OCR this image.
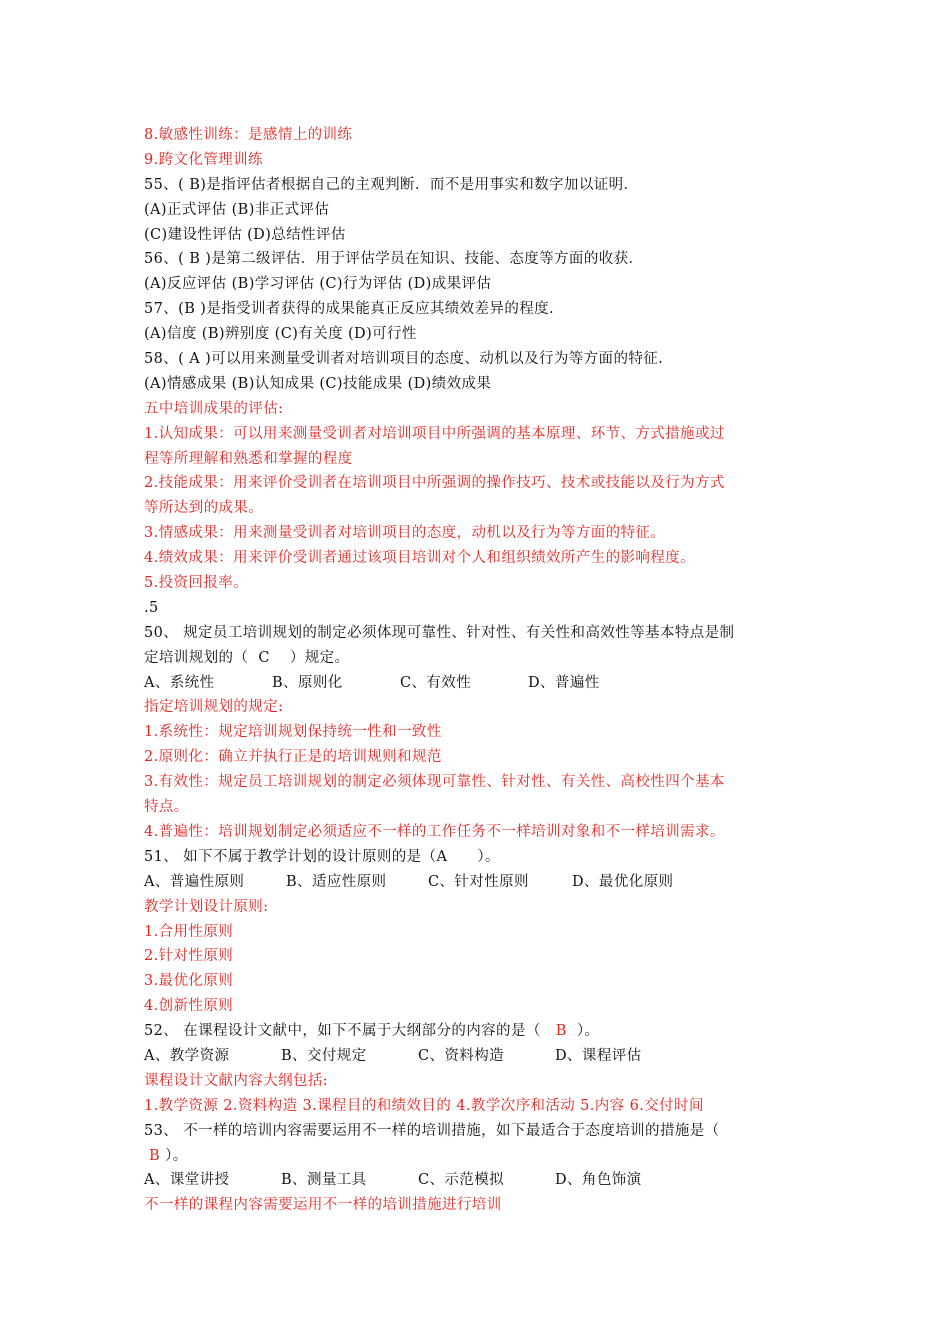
8.敏感性训练：是感情上的训练
9.跨文化管理训练
55、( B)是指评估者根据自己的主观判断．而不是用事实和数字加以证明．
(A)正式评估 (B)非正式评估
(C)建设性评估 (D)总结性评估
56、( B )是第二级评估．用于评估学员在知识、技能、态度等方面的收获．
(A)反应评估 (B)学习评估 (C)行为评估 (D)成果评估
57、(B )是指受训者获得的成果能真正反应其绩效差异的程度.
(A)信度 (B)辨别度 (C)有关度 (D)可行性
58、( A )可以用来测量受训者对培训项目的态度、动机以及行为等方面的特征.
(A)情感成果 (B)认知成果 (C)技能成果 (D)绩效成果
五中培训成果的评估:
1.认知成果：可以用来测量受训者对培训项目中所强调的基本原理、环节、方式措施或过
程等所理解和熟悉和掌握的程度
2.技能成果：用来评价受训者在培训项目中所强调的操作技巧、技术或技能以及行为方式
等所达到的成果。
3.情感成果：用来测量受训者对培训项目的态度，动机以及行为等方面的特征。
4.绩效成果：用来评价受训者通过该项目培训对个人和组织绩效所产生的影响程度。
5.投资回报率。
.5
50、 规定员工培训规划的制定必须体现可靠性、针对性、有关性和高效性等基本特点是制
定培训规划的（  C    ）规定。
A、系统性	B、原则化	C、有效性	D、普遍性
指定培训规划的规定:
1.系统性：规定培训规划保持统一性和一致性
2.原则化：确立并执行正是的培训规则和规范
3.有效性：规定员工培训规划的制定必须体现可靠性、针对性、有关性、高校性四个基本
特点。
4.普遍性：培训规划制定必须适应不一样的工作任务不一样培训对象和不一样培训需求。
51、 如下不属于教学计划的设计原则的是（A      ）。
A、普遍性原则	B、适应性原则	C、针对性原则	D、最优化原则
教学计划设计原则:
1.合用性原则
2.针对性原则
3.最优化原则
4.创新性原则
52、 在课程设计文献中，如下不属于大纲部分的内容的是（   B  ）。
A、教学资源	B、交付规定	C、资料构造	D、课程评估
课程设计文献内容大纲包括:
1.教学资源 2.资料构造 3.课程目的和绩效目的 4.教学次序和活动 5.内容 6.交付时间
53、 不一样的培训内容需要运用不一样的培训措施，如下最适合于态度培训的措施是（
B ）。
A、课堂讲授	B、测量工具	C、示范模拟	D、角色饰演
不一样的课程内容需要运用不一样的培训措施进行培训
